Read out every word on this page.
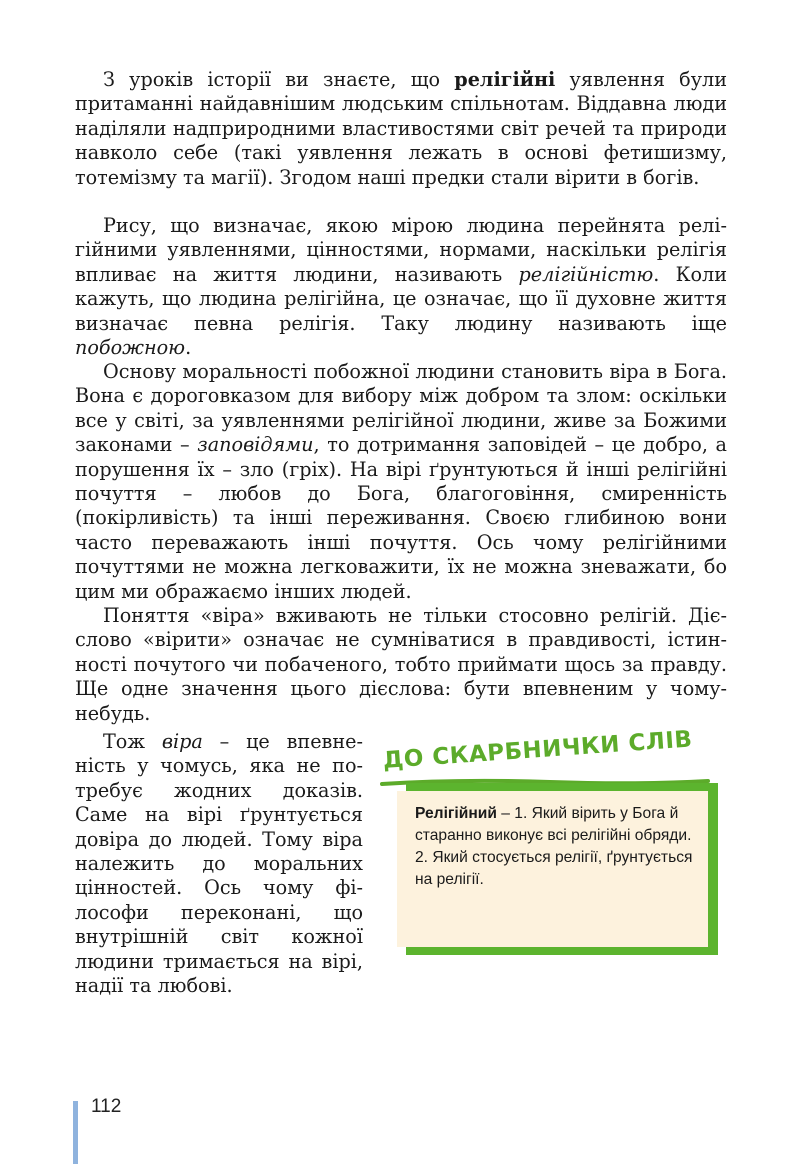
З уроків історії ви знаєте, що релігійні уявлення були притаманні найдавнішим людським спільнотам. Віддавна люди наділяли надприродними властивостями світ речей та природи навколо себе (такі уявлення лежать в основі фетишизму, тотемізму та магії). Згодом наші предки стали вірити в богів.

Рису, що визначає, якою мірою людина перейнята релігійними уявленнями, цінностями, нормами, наскільки релігія впливає на життя людини, називають релігійністю. Коли кажуть, що людина релігійна, це означає, що її духовне життя визначає певна релігія. Таку людину називають іще побожною.

Основу моральності побожної людини становить віра в Бога. Вона є дороговказом для вибору між добром та злом: оскільки все у світі, за уявленнями релігійної людини, живе за Божими законами – заповідями, то дотримання заповідей – це добро, а порушення їх – зло (гріх). На вірі ґрунтуються й інші релігійні почуття – любов до Бога, благоговіння, смиренність (покірливість) та інші переживання. Своєю глибиною вони часто переважають інші почуття. Ось чому релігійними почуттями не можна легковажити, їх не можна зневажати, бо цим ми ображаємо інших людей.

Поняття «віра» вживають не тільки стосовно релігій. Дієслово «вірити» означає не сумніватися в правдивості, істинності почутого чи побаченого, тобто приймати щось за правду. Ще одне значення цього дієслова: бути впевненим у чому-небудь.

Тож віра – це впевненість у чомусь, яка не потребує жодних доказів. Саме на вірі ґрунтується довіра до людей. Тому віра належить до моральних цінностей. Ось чому філософи переконані, що внутрішній світ кожної людини тримається на вірі, надії та любові.

ДО СКАРБНИЧКИ СЛІВ

Релігійний – 1. Який вірить у Бога й старанно виконує всі релігійні обряди. 2. Який стосується релігії, ґрунтується на релігії.

112
